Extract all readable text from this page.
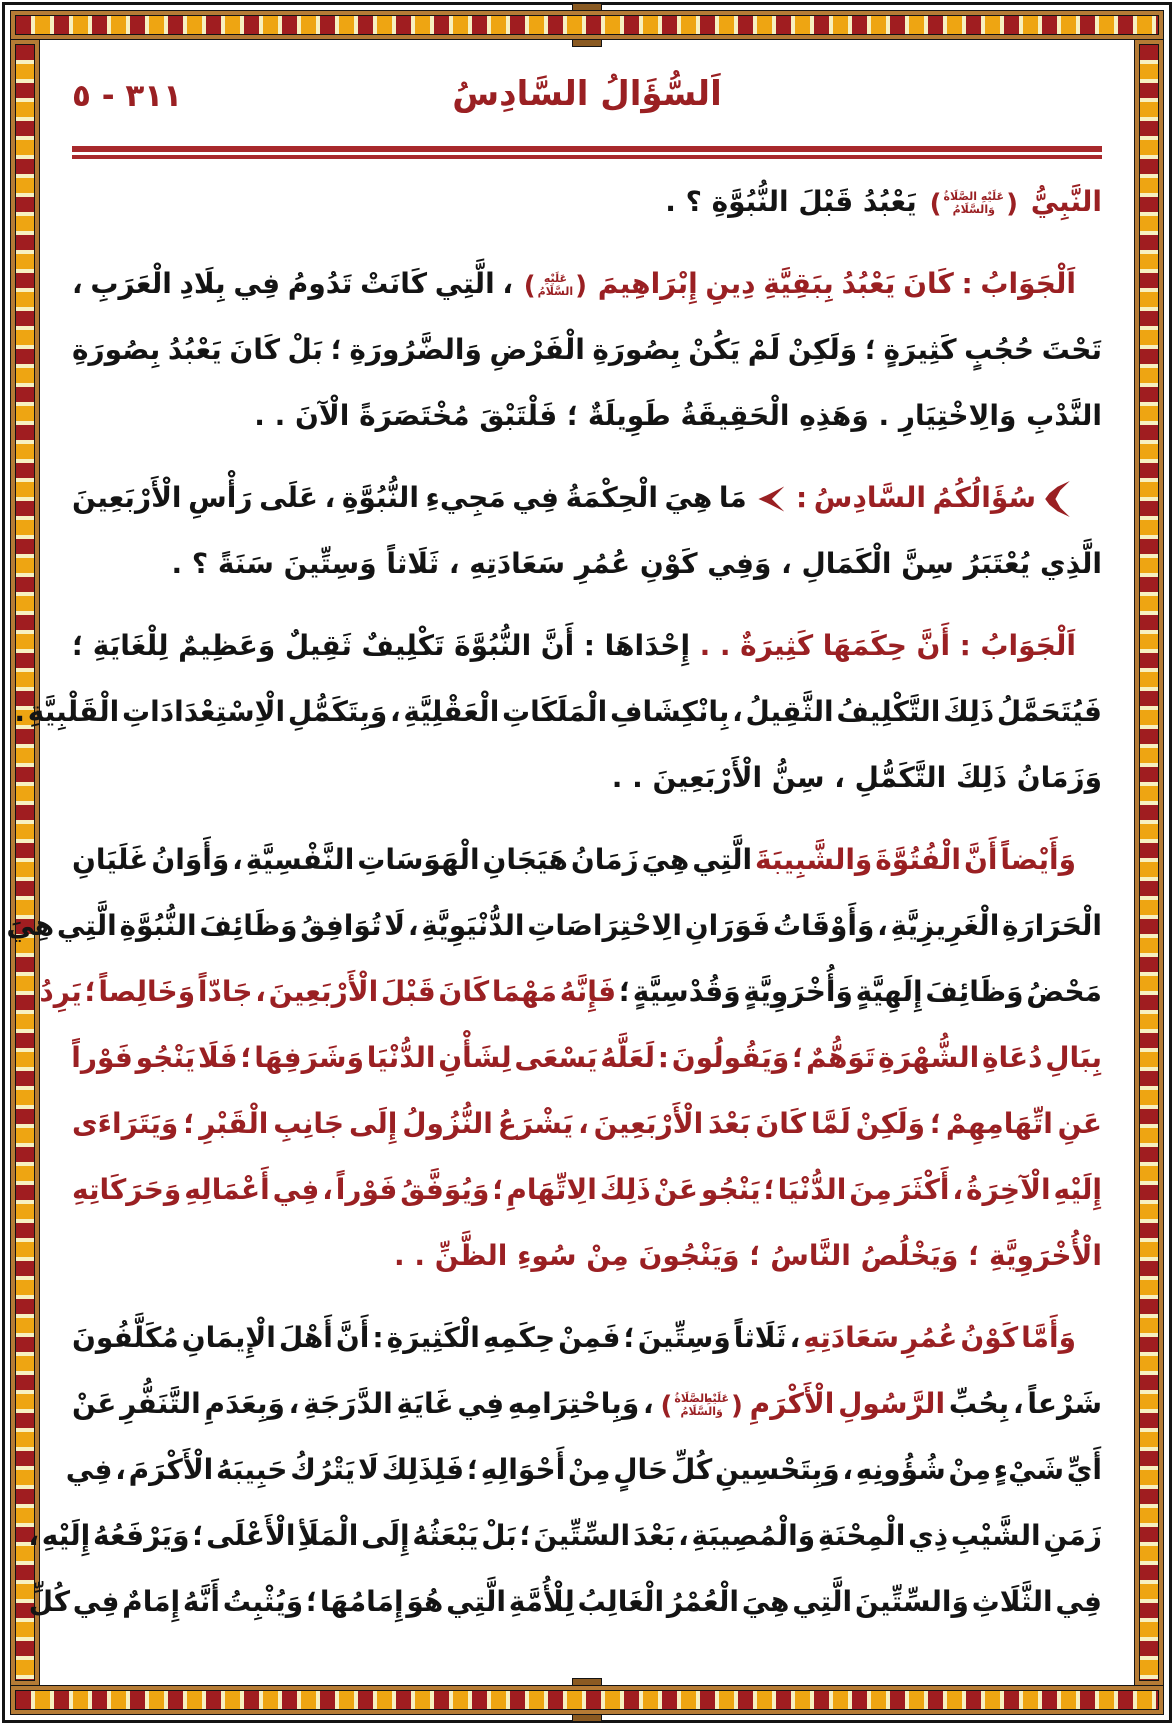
٣١١ - ٥	اَلسُّؤَالُ السَّادِسُ
النَّبِيُّ (عَلَيْهِ الصَّلَاةُ
وَالسَّلَامُ) يَعْبُدُ قَبْلَ النُّبُوَّةِ ؟ .
اَلْجَوَابُ : كَانَ يَعْبُدُ بِبَقِيَّةِ دِينِ إِبْرَاهِيمَ (عَلَيْهِ
السَّلَامُ) ، الَّتِي كَانَتْ تَدُومُ فِي بِلَادِ الْعَرَبِ ،
تَحْتَ حُجُبٍ كَثِيرَةٍ ؛ وَلَكِنْ لَمْ يَكُنْ بِصُورَةِ الْفَرْضِ وَالضَّرُورَةِ ؛ بَلْ كَانَ يَعْبُدُ بِصُورَةِ
النَّدْبِ وَالِاخْتِيَارِ . وَهَذِهِ الْحَقِيقَةُ طَوِيلَةٌ ؛ فَلْتَبْقَ مُخْتَصَرَةً الْآنَ . .
سُؤَالُكُمُ السَّادِسُ :  مَا هِيَ الْحِكْمَةُ فِي مَجِيءِ النُّبُوَّةِ ، عَلَى رَأْسِ الْأَرْبَعِينَ
الَّذِي يُعْتَبَرُ سِنَّ الْكَمَالِ ، وَفِي كَوْنِ عُمُرِ سَعَادَتِهِ ، ثَلَاثاً وَسِتِّينَ سَنَةً ؟ .
اَلْجَوَابُ : أَنَّ حِكَمَهَا كَثِيرَةٌ . . إِحْدَاهَا : أَنَّ النُّبُوَّةَ تَكْلِيفٌ ثَقِيلٌ وَعَظِيمٌ لِلْغَايَةِ ؛
فَيُتَحَمَّلُ ذَلِكَ التَّكْلِيفُ الثَّقِيلُ ، بِانْكِشَافِ الْمَلَكَاتِ الْعَقْلِيَّةِ ، وَبِتَكَمُّلِ الْاِسْتِعْدَادَاتِ الْقَلْبِيَّةِ .
وَزَمَانُ ذَلِكَ التَّكَمُّلِ ، سِنُّ الْأَرْبَعِينَ . .
وَأَيْضاً أَنَّ الْفُتُوَّةَ وَالشَّبِيبَةَ الَّتِي هِيَ زَمَانُ هَيَجَانِ الْهَوَسَاتِ النَّفْسِيَّةِ ، وَأَوَانُ غَلَيَانِ
الْحَرَارَةِ الْغَرِيزِيَّةِ ، وَأَوْقَاتُ فَوَرَانِ الِاحْتِرَاصَاتِ الدُّنْيَوِيَّةِ ، لَا تُوَافِقُ وَظَائِفَ النُّبُوَّةِ الَّتِي هِيَ
مَحْضُ وَظَائِفَ إِلَهِيَّةٍ وَأُخْرَوِيَّةٍ وَقُدْسِيَّةٍ ؛ فَإِنَّهُ مَهْمَا كَانَ قَبْلَ الْأَرْبَعِينَ ، جَادّاً وَخَالِصاً ؛ يَرِدُ
بِبَالِ دُعَاةِ الشُّهْرَةِ تَوَهُّمٌ ؛ وَيَقُولُونَ : لَعَلَّهُ يَسْعَى لِشَأْنِ الدُّنْيَا وَشَرَفِهَا ؛ فَلَا يَنْجُو فَوْراً
عَنِ اتِّهَامِهِمْ ؛ وَلَكِنْ لَمَّا كَانَ بَعْدَ الْأَرْبَعِينَ ، يَشْرَعُ النُّزُولُ إِلَى جَانِبِ الْقَبْرِ ؛ وَيَتَرَاءَى
إِلَيْهِ الْآخِرَةُ ، أَكْثَرَ مِنَ الدُّنْيَا ؛ يَنْجُو عَنْ ذَلِكَ الِاتِّهَامِ ؛ وَيُوَفَّقُ فَوْراً ، فِي أَعْمَالِهِ وَحَرَكَاتِهِ
الْأُخْرَوِيَّةِ ؛ وَيَخْلُصُ النَّاسُ ؛ وَيَنْجُونَ مِنْ سُوءِ الظَّنِّ . .
وَأَمَّا كَوْنُ عُمُرِ سَعَادَتِهِ ، ثَلَاثاً وَسِتِّينَ ؛ فَمِنْ حِكَمِهِ الْكَثِيرَةِ : أَنَّ أَهْلَ الْإِيمَانِ مُكَلَّفُونَ
شَرْعاً ، بِحُبِّ الرَّسُولِ الْأَكْرَمِ (عَلَيْهِ الصَّلَاةُ
وَالسَّلَامُ) ، وَبِاحْتِرَامِهِ فِي غَايَةِ الدَّرَجَةِ ، وَبِعَدَمِ التَّنَفُّرِ عَنْ
أَيِّ شَيْءٍ مِنْ شُؤُونِهِ ، وَبِتَحْسِينِ كُلِّ حَالٍ مِنْ أَحْوَالِهِ ؛ فَلِذَلِكَ لَا يَتْرُكُ حَبِيبَهُ الْأَكْرَمَ ، فِي
زَمَنِ الشَّيْبِ ذِي الْمِحْنَةِ وَالْمُصِيبَةِ ، بَعْدَ السِّتِّينَ ؛ بَلْ يَبْعَثُهُ إِلَى الْمَلَأِ الْأَعْلَى ؛ وَيَرْفَعُهُ إِلَيْهِ ،
فِي الثَّلَاثِ وَالسِّتِّينَ الَّتِي هِيَ الْعُمْرُ الْغَالِبُ لِلْأُمَّةِ الَّتِي هُوَ إِمَامُهَا ؛ وَيُثْبِتُ أَنَّهُ إِمَامٌ فِي كُلِّ
